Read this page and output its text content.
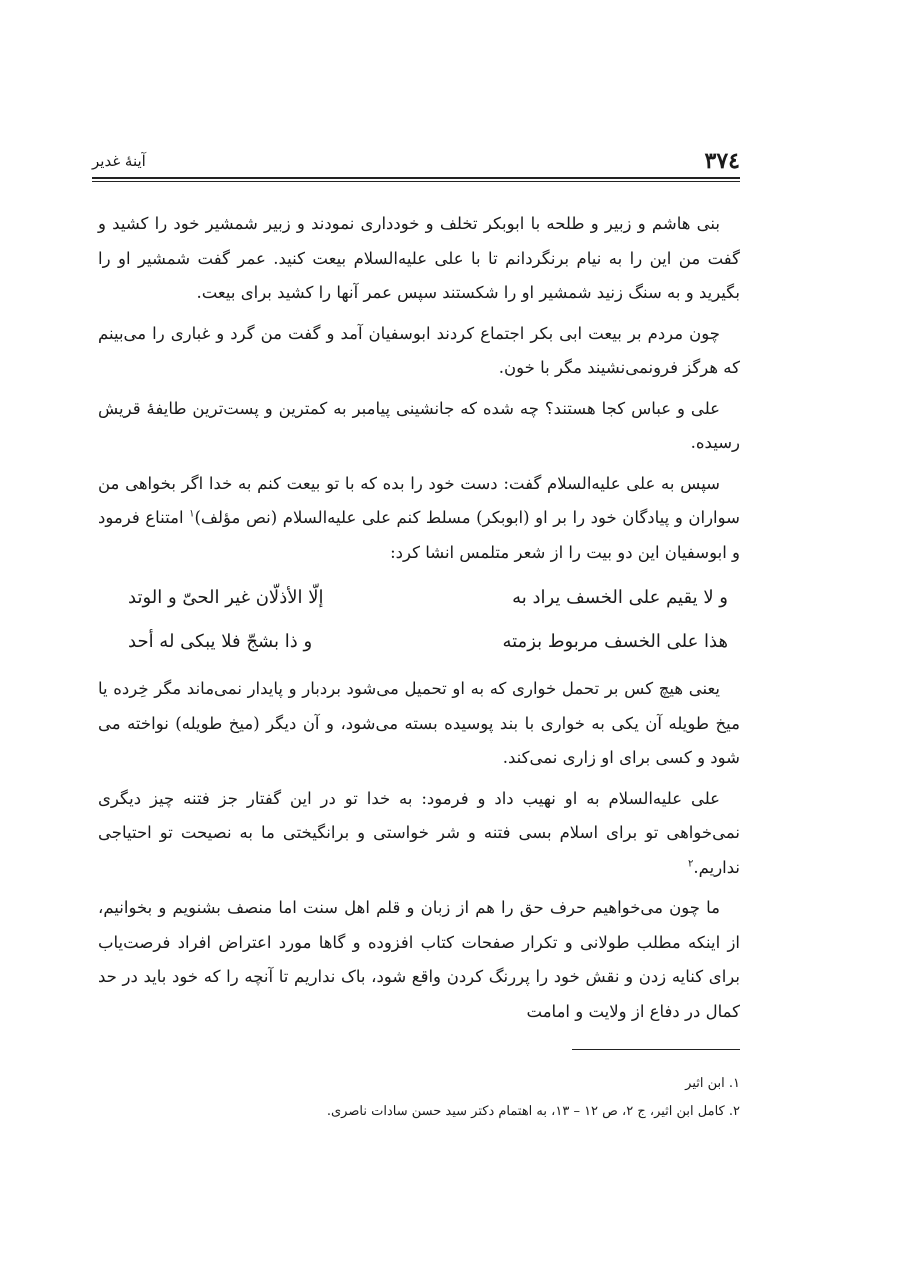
٣٧٤
آینهٔ غدیر

بنی هاشم و زبیر و طلحه با ابوبکر تخلف و خودداری نمودند و زبیر شمشیر خود را کشید و گفت من این را به نیام برنگردانم تا با علی علیه‌السلام بیعت کنید. عمر گفت شمشیر او را بگیرید و به سنگ زنید شمشیر او را شکستند سپس عمر آنها را کشید برای بیعت.

چون مردم بر بیعت ابی بکر اجتماع کردند ابوسفیان آمد و گفت من گرد و غباری را می‌بینم که هرگز فرونمی‌نشیند مگر با خون.

علی و عباس کجا هستند؟ چه شده که جانشینی پیامبر به کمترین و پست‌ترین طایفهٔ قریش رسیده.

سپس به علی علیه‌السلام گفت: دست خود را بده که با تو بیعت کنم به خدا اگر بخواهی من سواران و پیادگان خود را بر او (ابوبکر) مسلط کنم علی علیه‌السلام (نص مؤلف)$^١$ امتناع فرمود و ابوسفیان این دو بیت را از شعر متلمس انشا کرد:

و لا یقیم علی الخسف یراد به
إلّا الأذلّان غیر الحیّ و الوتد
هذا علی الخسف مربوط بزمته
و ذا بشجّ فلا یبکی له أحد

یعنی هیچ کس بر تحمل خواری که به او تحمیل می‌شود بردبار و پایدار نمی‌ماند مگر خِرده یا میخ طویله آن یکی به خواری با بند پوسیده بسته می‌شود، و آن دیگر (میخ طویله) نواخته می شود و کسی برای او زاری نمی‌کند.

علی علیه‌السلام به او نهیب داد و فرمود: به خدا تو در این گفتار جز فتنه چیز دیگری نمی‌خواهی تو برای اسلام بسی فتنه و شر خواستی و برانگیختی ما به نصیحت تو احتیاجی نداریم.$^٢$

ما چون می‌خواهیم حرف حق را هم از زبان و قلم اهل سنت اما منصف بشنویم و بخوانیم، از اینکه مطلب طولانی و تکرار صفحات کتاب افزوده و گاها مورد اعتراض افراد فرصت‌یاب برای کنایه زدن و نقش خود را پررنگ کردن واقع شود، باک نداریم تا آنچه را که خود باید در حد کمال در دفاع از ولایت و امامت

١. ابن اثیر

٢. کامل ابن اثیر، ج ٢، ص ١٢ – ١٣، به اهتمام دکتر سید حسن سادات ناصری.
